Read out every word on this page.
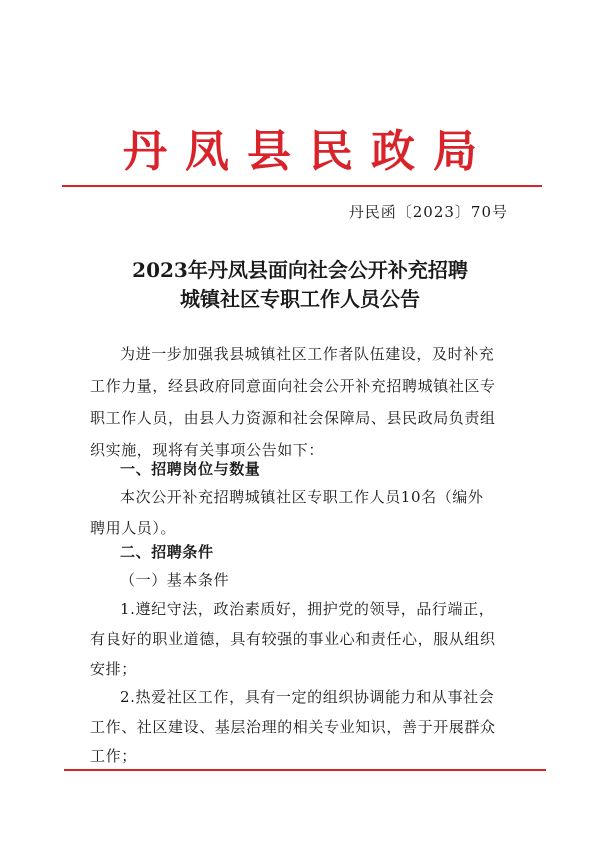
丹凤县民政局
丹民函〔2023〕70号
2023年丹凤县面向社会公开补充招聘
城镇社区专职工作人员公告
为进一步加强我县城镇社区工作者队伍建设，及时补充
工作力量，经县政府同意面向社会公开补充招聘城镇社区专
职工作人员，由县人力资源和社会保障局、县民政局负责组
织实施，现将有关事项公告如下：
一、招聘岗位与数量
本次公开补充招聘城镇社区专职工作人员10名（编外
聘用人员）。
二、招聘条件
（一）基本条件
1.遵纪守法，政治素质好，拥护党的领导，品行端正，
有良好的职业道德，具有较强的事业心和责任心，服从组织
安排；
2.热爱社区工作，具有一定的组织协调能力和从事社会
工作、社区建设、基层治理的相关专业知识，善于开展群众
工作；
